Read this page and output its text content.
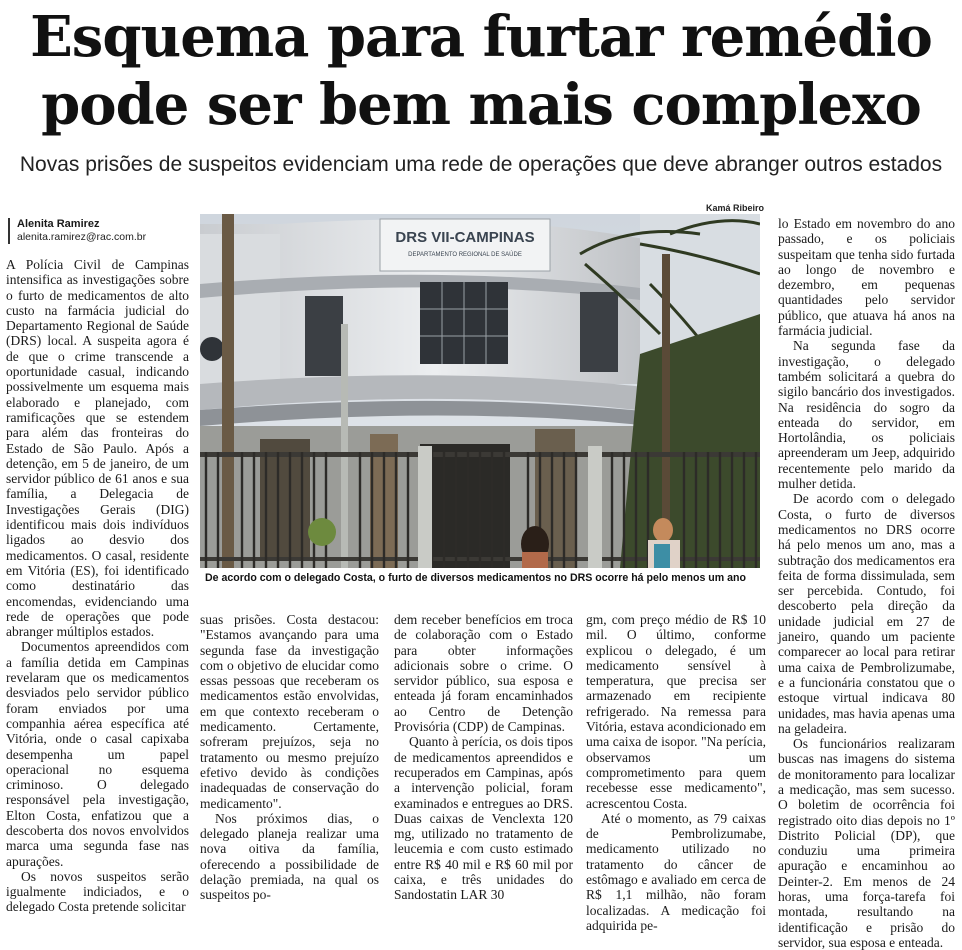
Esquema para furtar remédio
pode ser bem mais complexo
Novas prisões de suspeitos evidenciam uma rede de operações que deve abranger outros estados
Alenita Ramirez
alenita.ramirez@rac.com.br
Kamá Ribeiro
DRS VII-CAMPINAS
DEPARTAMENTO REGIONAL DE SAÚDE
De acordo com o delegado Costa, o furto de diversos medicamentos no DRS ocorre há pelo menos um ano

A Polícia Civil de Campinas intensifica as investigações sobre o furto de medicamentos de alto custo na farmácia judicial do Departamento Regional de Saúde (DRS) local. A suspeita agora é de que o crime transcende a oportunidade casual, indicando possivelmente um esquema mais elaborado e planejado, com ramificações que se estendem para além das fronteiras do Estado de São Paulo. Após a detenção, em 5 de janeiro, de um servidor público de 61 anos e sua família, a Delegacia de Investigações Gerais (DIG) identificou mais dois indivíduos ligados ao desvio dos medicamentos. O casal, residente em Vitória (ES), foi identificado como destinatário das encomendas, evidenciando uma rede de operações que pode abranger múltiplos estados.

Documentos apreendidos com a família detida em Campinas revelaram que os medicamentos desviados pelo servidor público foram enviados por uma companhia aérea específica até Vitória, onde o casal capixaba desempenha um papel operacional no esquema criminoso. O delegado responsável pela investigação, Elton Costa, enfatizou que a descoberta dos novos envolvidos marca uma segunda fase nas apurações.

Os novos suspeitos serão igualmente indiciados, e o delegado Costa pretende solicitar

suas prisões. Costa destacou: "Estamos avançando para uma segunda fase da investigação com o objetivo de elucidar como essas pessoas que receberam os medicamentos estão envolvidas, em que contexto receberam o medicamento. Certamente, sofreram prejuízos, seja no tratamento ou mesmo prejuízo efetivo devido às condições inadequadas de conservação do medicamento".

Nos próximos dias, o delegado planeja realizar uma nova oitiva da família, oferecendo a possibilidade de delação premiada, na qual os suspeitos po-

dem receber benefícios em troca de colaboração com o Estado para obter informações adicionais sobre o crime. O servidor público, sua esposa e enteada já foram encaminhados ao Centro de Detenção Provisória (CDP) de Campinas.

Quanto à perícia, os dois tipos de medicamentos apreendidos e recuperados em Campinas, após a intervenção policial, foram examinados e entregues ao DRS. Duas caixas de Venclexta 120 mg, utilizado no tratamento de leucemia e com custo estimado entre R$ 40 mil e R$ 60 mil por caixa, e três unidades do Sandostatin LAR 30

gm, com preço médio de R$ 10 mil. O último, conforme explicou o delegado, é um medicamento sensível à temperatura, que precisa ser armazenado em recipiente refrigerado. Na remessa para Vitória, estava acondicionado em uma caixa de isopor. "Na perícia, observamos um comprometimento para quem recebesse esse medicamento", acrescentou Costa.

Até o momento, as 79 caixas de Pembrolizumabe, medicamento utilizado no tratamento do câncer de estômago e avaliado em cerca de R$ 1,1 milhão, não foram localizadas. A medicação foi adquirida pe-

lo Estado em novembro do ano passado, e os policiais suspeitam que tenha sido furtada ao longo de novembro e dezembro, em pequenas quantidades pelo servidor público, que atuava há anos na farmácia judicial.

Na segunda fase da investigação, o delegado também solicitará a quebra do sigilo bancário dos investigados. Na residência do sogro da enteada do servidor, em Hortolândia, os policiais apreenderam um Jeep, adquirido recentemente pelo marido da mulher detida.

De acordo com o delegado Costa, o furto de diversos medicamentos no DRS ocorre há pelo menos um ano, mas a subtração dos medicamentos era feita de forma dissimulada, sem ser percebida. Contudo, foi descoberto pela direção da unidade judicial em 27 de janeiro, quando um paciente comparecer ao local para retirar uma caixa de Pembrolizumabe, e a funcionária constatou que o estoque virtual indicava 80 unidades, mas havia apenas uma na geladeira.

Os funcionários realizaram buscas nas imagens do sistema de monitoramento para localizar a medicação, mas sem sucesso. O boletim de ocorrência foi registrado oito dias depois no 1º Distrito Policial (DP), que conduziu uma primeira apuração e encaminhou ao Deinter-2. Em menos de 24 horas, uma força-tarefa foi montada, resultando na identificação e prisão do servidor, sua esposa e enteada.
